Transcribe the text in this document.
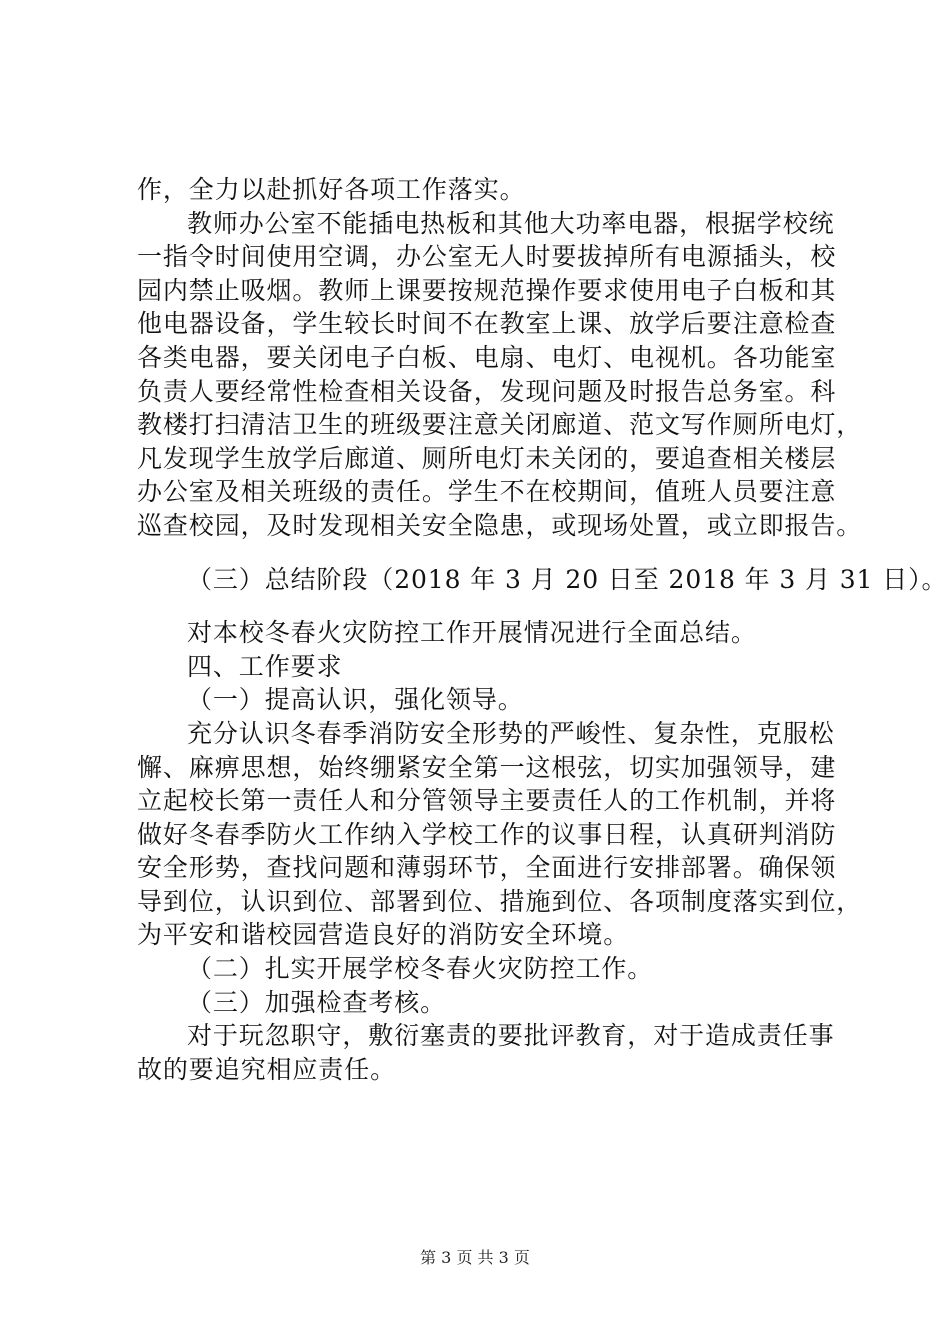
作，全力以赴抓好各项工作落实。
教师办公室不能插电热板和其他大功率电器，根据学校统
一指令时间使用空调，办公室无人时要拔掉所有电源插头，校
园内禁止吸烟。教师上课要按规范操作要求使用电子白板和其
他电器设备，学生较长时间不在教室上课、放学后要注意检查
各类电器，要关闭电子白板、电扇、电灯、电视机。各功能室
负责人要经常性检查相关设备，发现问题及时报告总务室。科
教楼打扫清洁卫生的班级要注意关闭廊道、范文写作厕所电灯，
凡发现学生放学后廊道、厕所电灯未关闭的，要追查相关楼层
办公室及相关班级的责任。学生不在校期间，值班人员要注意
巡查校园，及时发现相关安全隐患，或现场处置，或立即报告。
（三）总结阶段（2018 年 3 月 20 日至 2018 年 3 月 31 日）。
对本校冬春火灾防控工作开展情况进行全面总结。
四、工作要求
（一）提高认识，强化领导。
充分认识冬春季消防安全形势的严峻性、复杂性，克服松
懈、麻痹思想，始终绷紧安全第一这根弦，切实加强领导，建
立起校长第一责任人和分管领导主要责任人的工作机制，并将
做好冬春季防火工作纳入学校工作的议事日程，认真研判消防
安全形势，查找问题和薄弱环节，全面进行安排部署。确保领
导到位，认识到位、部署到位、措施到位、各项制度落实到位，
为平安和谐校园营造良好的消防安全环境。
（二）扎实开展学校冬春火灾防控工作。
（三）加强检查考核。
对于玩忽职守，敷衍塞责的要批评教育，对于造成责任事
故的要追究相应责任。
第 3 页 共 3 页
